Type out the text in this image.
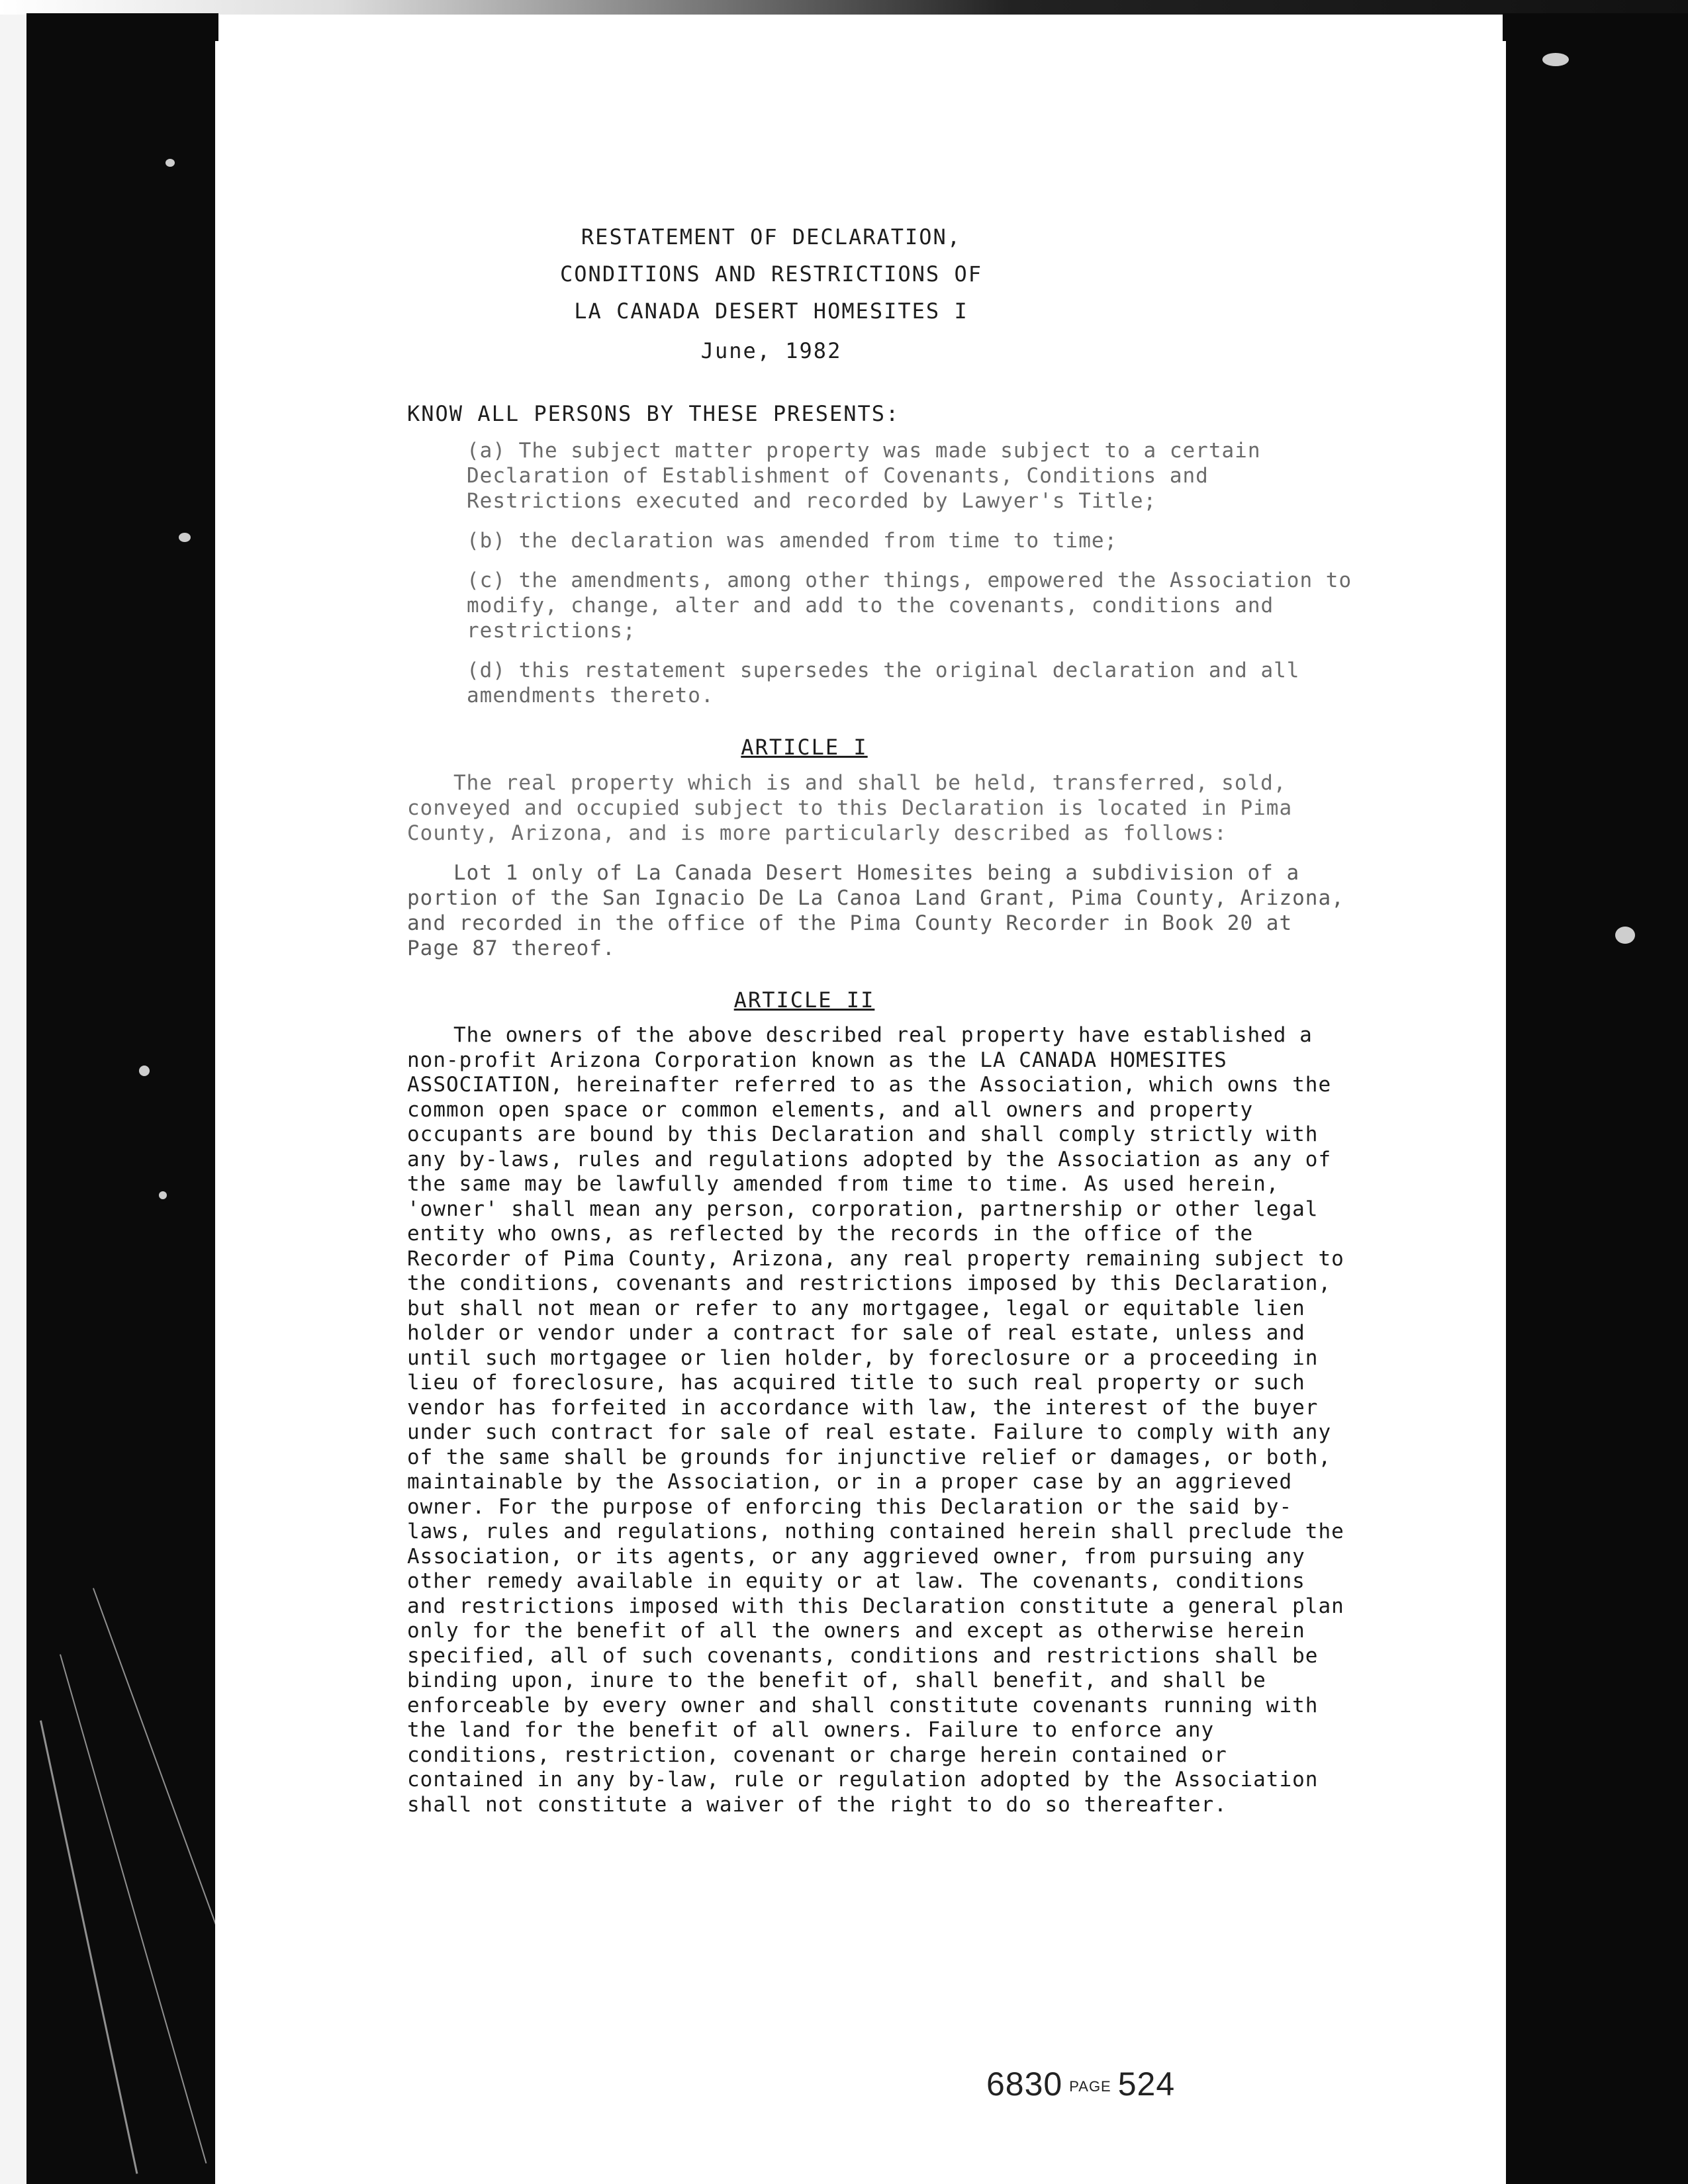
RESTATEMENT OF DECLARATION,

CONDITIONS AND RESTRICTIONS OF

LA CANADA DESERT HOMESITES I

June, 1982

KNOW ALL PERSONS BY THESE PRESENTS:

(a) The subject matter property was made subject to a certain Declaration of Establishment of Covenants, Conditions and Restrictions executed and recorded by Lawyer's Title;

(b) the declaration was amended from time to time;

(c) the amendments, among other things, empowered the Association to modify, change, alter and add to the covenants, conditions and restrictions;

(d) this restatement supersedes the original declaration and all amendments thereto.

ARTICLE I

The real property which is and shall be held, transferred, sold, conveyed and occupied subject to this Declaration is located in Pima County, Arizona, and is more particularly described as follows:

Lot 1 only of La Canada Desert Homesites being a subdivision of a portion of the San Ignacio De La Canoa Land Grant, Pima County, Arizona, and recorded in the office of the Pima County Recorder in Book 20 at Page 87 thereof.

ARTICLE II

The owners of the above described real property have established a non-profit Arizona Corporation known as the LA CANADA HOMESITES ASSOCIATION, hereinafter referred to as the Association, which owns the common open space or common elements, and all owners and property occupants are bound by this Declaration and shall comply strictly with any by-laws, rules and regulations adopted by the Association as any of the same may be lawfully amended from time to time. As used herein, 'owner' shall mean any person, corporation, partnership or other legal entity who owns, as reflected by the records in the office of the Recorder of Pima County, Arizona, any real property remaining subject to the conditions, covenants and restrictions imposed by this Declaration, but shall not mean or refer to any mortgagee, legal or equitable lien holder or vendor under a contract for sale of real estate, unless and until such mortgagee or lien holder, by foreclosure or a proceeding in lieu of foreclosure, has acquired title to such real property or such vendor has forfeited in accordance with law, the interest of the buyer under such contract for sale of real estate. Failure to comply with any of the same shall be grounds for injunctive relief or damages, or both, maintainable by the Association, or in a proper case by an aggrieved owner. For the purpose of enforcing this Declaration or the said by-laws, rules and regulations, nothing contained herein shall preclude the Association, or its agents, or any aggrieved owner, from pursuing any other remedy available in equity or at law. The covenants, conditions and restrictions imposed with this Declaration constitute a general plan only for the benefit of all the owners and except as otherwise herein specified, all of such covenants, conditions and restrictions shall be binding upon, inure to the benefit of, shall benefit, and shall be enforceable by every owner and shall constitute covenants running with the land for the benefit of all owners. Failure to enforce any conditions, restriction, covenant or charge herein contained or contained in any by-law, rule or regulation adopted by the Association shall not constitute a waiver of the right to do so thereafter.

6830 PAGE 524
